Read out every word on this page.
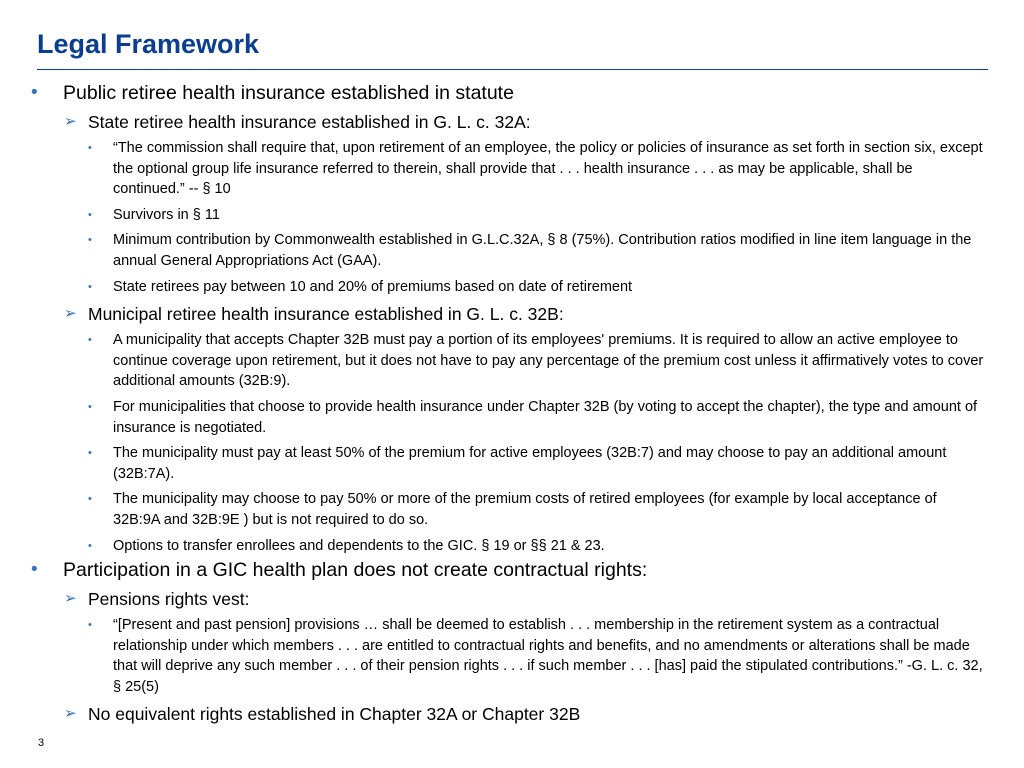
Legal Framework
• Public retiree health insurance established in statute
➢ State retiree health insurance established in G. L. c. 32A:
• “The commission shall require that, upon retirement of an employee, the policy or policies of insurance as set forth in section six, except the optional group life insurance referred to therein, shall provide that . . . health insurance . . . as may be applicable, shall be continued.” -- § 10
• Survivors in § 11
• Minimum contribution by Commonwealth established in G.L.C.32A, § 8 (75%). Contribution ratios modified in line item language in the annual General Appropriations Act (GAA).
• State retirees pay between 10 and 20% of premiums based on date of retirement
➢ Municipal retiree health insurance established in G. L. c. 32B:
• A municipality that accepts Chapter 32B must pay a portion of its employees' premiums. It is required to allow an active employee to continue coverage upon retirement, but it does not have to pay any percentage of the premium cost unless it affirmatively votes to cover additional amounts (32B:9).
• For municipalities that choose to provide health insurance under Chapter 32B (by voting to accept the chapter), the type and amount of insurance is negotiated.
• The municipality must pay at least 50% of the premium for active employees (32B:7) and may choose to pay an additional amount (32B:7A).
• The municipality may choose to pay 50% or more of the premium costs of retired employees (for example by local acceptance of 32B:9A and 32B:9E ) but is not required to do so.
• Options to transfer enrollees and dependents to the GIC. § 19 or §§ 21 & 23.
• Participation in a GIC health plan does not create contractual rights:
➢ Pensions rights vest:
• “[Present and past pension] provisions … shall be deemed to establish . . . membership in the retirement system as a contractual relationship under which members . . . are entitled to contractual rights and benefits, and no amendments or alterations shall be made that will deprive any such member . . . of their pension rights . . . if such member . . . [has] paid the stipulated contributions.” -G. L. c. 32, § 25(5)
➢ No equivalent rights established in Chapter 32A or Chapter 32B
3
